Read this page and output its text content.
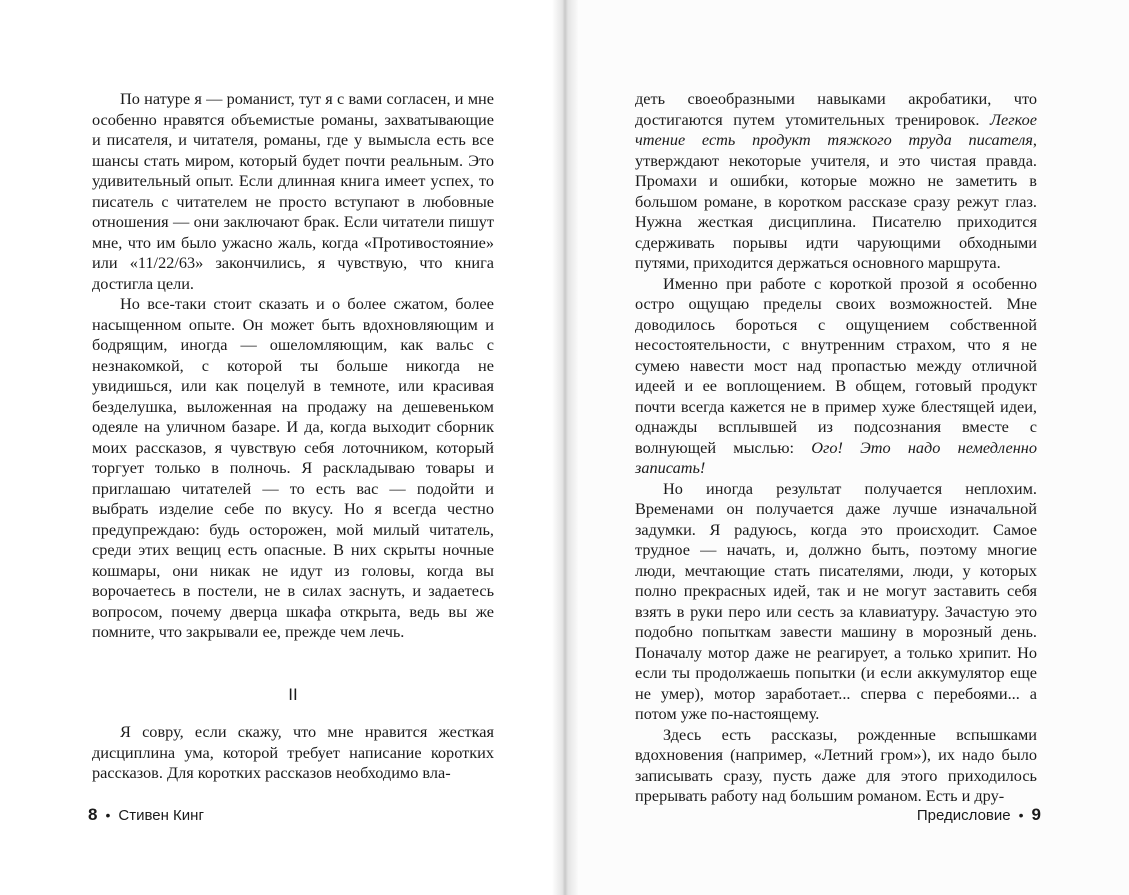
По натуре я — романист, тут я с вами согласен, и мне особенно нравятся объемистые романы, захватывающие и писателя, и читателя, романы, где у вымысла есть все шансы стать миром, который будет почти реальным. Это удивительный опыт. Если длинная книга имеет успех, то писатель с читателем не просто вступают в любовные отношения — они заключают брак. Если читатели пишут мне, что им было ужасно жаль, когда «Противостояние» или «11/22/63» закончились, я чувствую, что книга достигла цели.

Но все-таки стоит сказать и о более сжатом, более насыщенном опыте. Он может быть вдохновляющим и бодрящим, иногда — ошеломляющим, как вальс с незнакомкой, с которой ты больше никогда не увидишься, или как поцелуй в темноте, или красивая безделушка, выложенная на продажу на дешевеньком одеяле на уличном базаре. И да, когда выходит сборник моих рассказов, я чувствую себя лоточником, который торгует только в полночь. Я раскладываю товары и приглашаю читателей — то есть вас — подойти и выбрать изделие себе по вкусу. Но я всегда честно предупреждаю: будь осторожен, мой милый читатель, среди этих вещиц есть опасные. В них скрыты ночные кошмары, они никак не идут из головы, когда вы ворочаетесь в постели, не в силах заснуть, и задаетесь вопросом, почему дверца шкафа открыта, ведь вы же помните, что закрывали ее, прежде чем лечь.

II

Я совру, если скажу, что мне нравится жесткая дисциплина ума, которой требует написание коротких рассказов. Для коротких рассказов необходимо вла-

8 • Стивен Кинг

деть своеобразными навыками акробатики, что достигаются путем утомительных тренировок. Легкое чтение есть продукт тяжкого труда писателя, утверждают некоторые учителя, и это чистая правда. Промахи и ошибки, которые можно не заметить в большом романе, в коротком рассказе сразу режут глаз. Нужна жесткая дисциплина. Писателю приходится сдерживать порывы идти чарующими обходными путями, приходится держаться основного маршрута.

Именно при работе с короткой прозой я особенно остро ощущаю пределы своих возможностей. Мне доводилось бороться с ощущением собственной несостоятельности, с внутренним страхом, что я не сумею навести мост над пропастью между отличной идеей и ее воплощением. В общем, готовый продукт почти всегда кажется не в пример хуже блестящей идеи, однажды всплывшей из подсознания вместе с волнующей мыслью: Ого! Это надо немедленно записать!

Но иногда результат получается неплохим. Временами он получается даже лучше изначальной задумки. Я радуюсь, когда это происходит. Самое трудное — начать, и, должно быть, поэтому многие люди, мечтающие стать писателями, люди, у которых полно прекрасных идей, так и не могут заставить себя взять в руки перо или сесть за клавиатуру. Зачастую это подобно попыткам завести машину в морозный день. Поначалу мотор даже не реагирует, а только хрипит. Но если ты продолжаешь попытки (и если аккумулятор еще не умер), мотор заработает... сперва с перебоями... а потом уже по-настоящему.

Здесь есть рассказы, рожденные вспышками вдохновения (например, «Летний гром»), их надо было записывать сразу, пусть даже для этого приходилось прерывать работу над большим романом. Есть и дру-

Предисловие • 9
